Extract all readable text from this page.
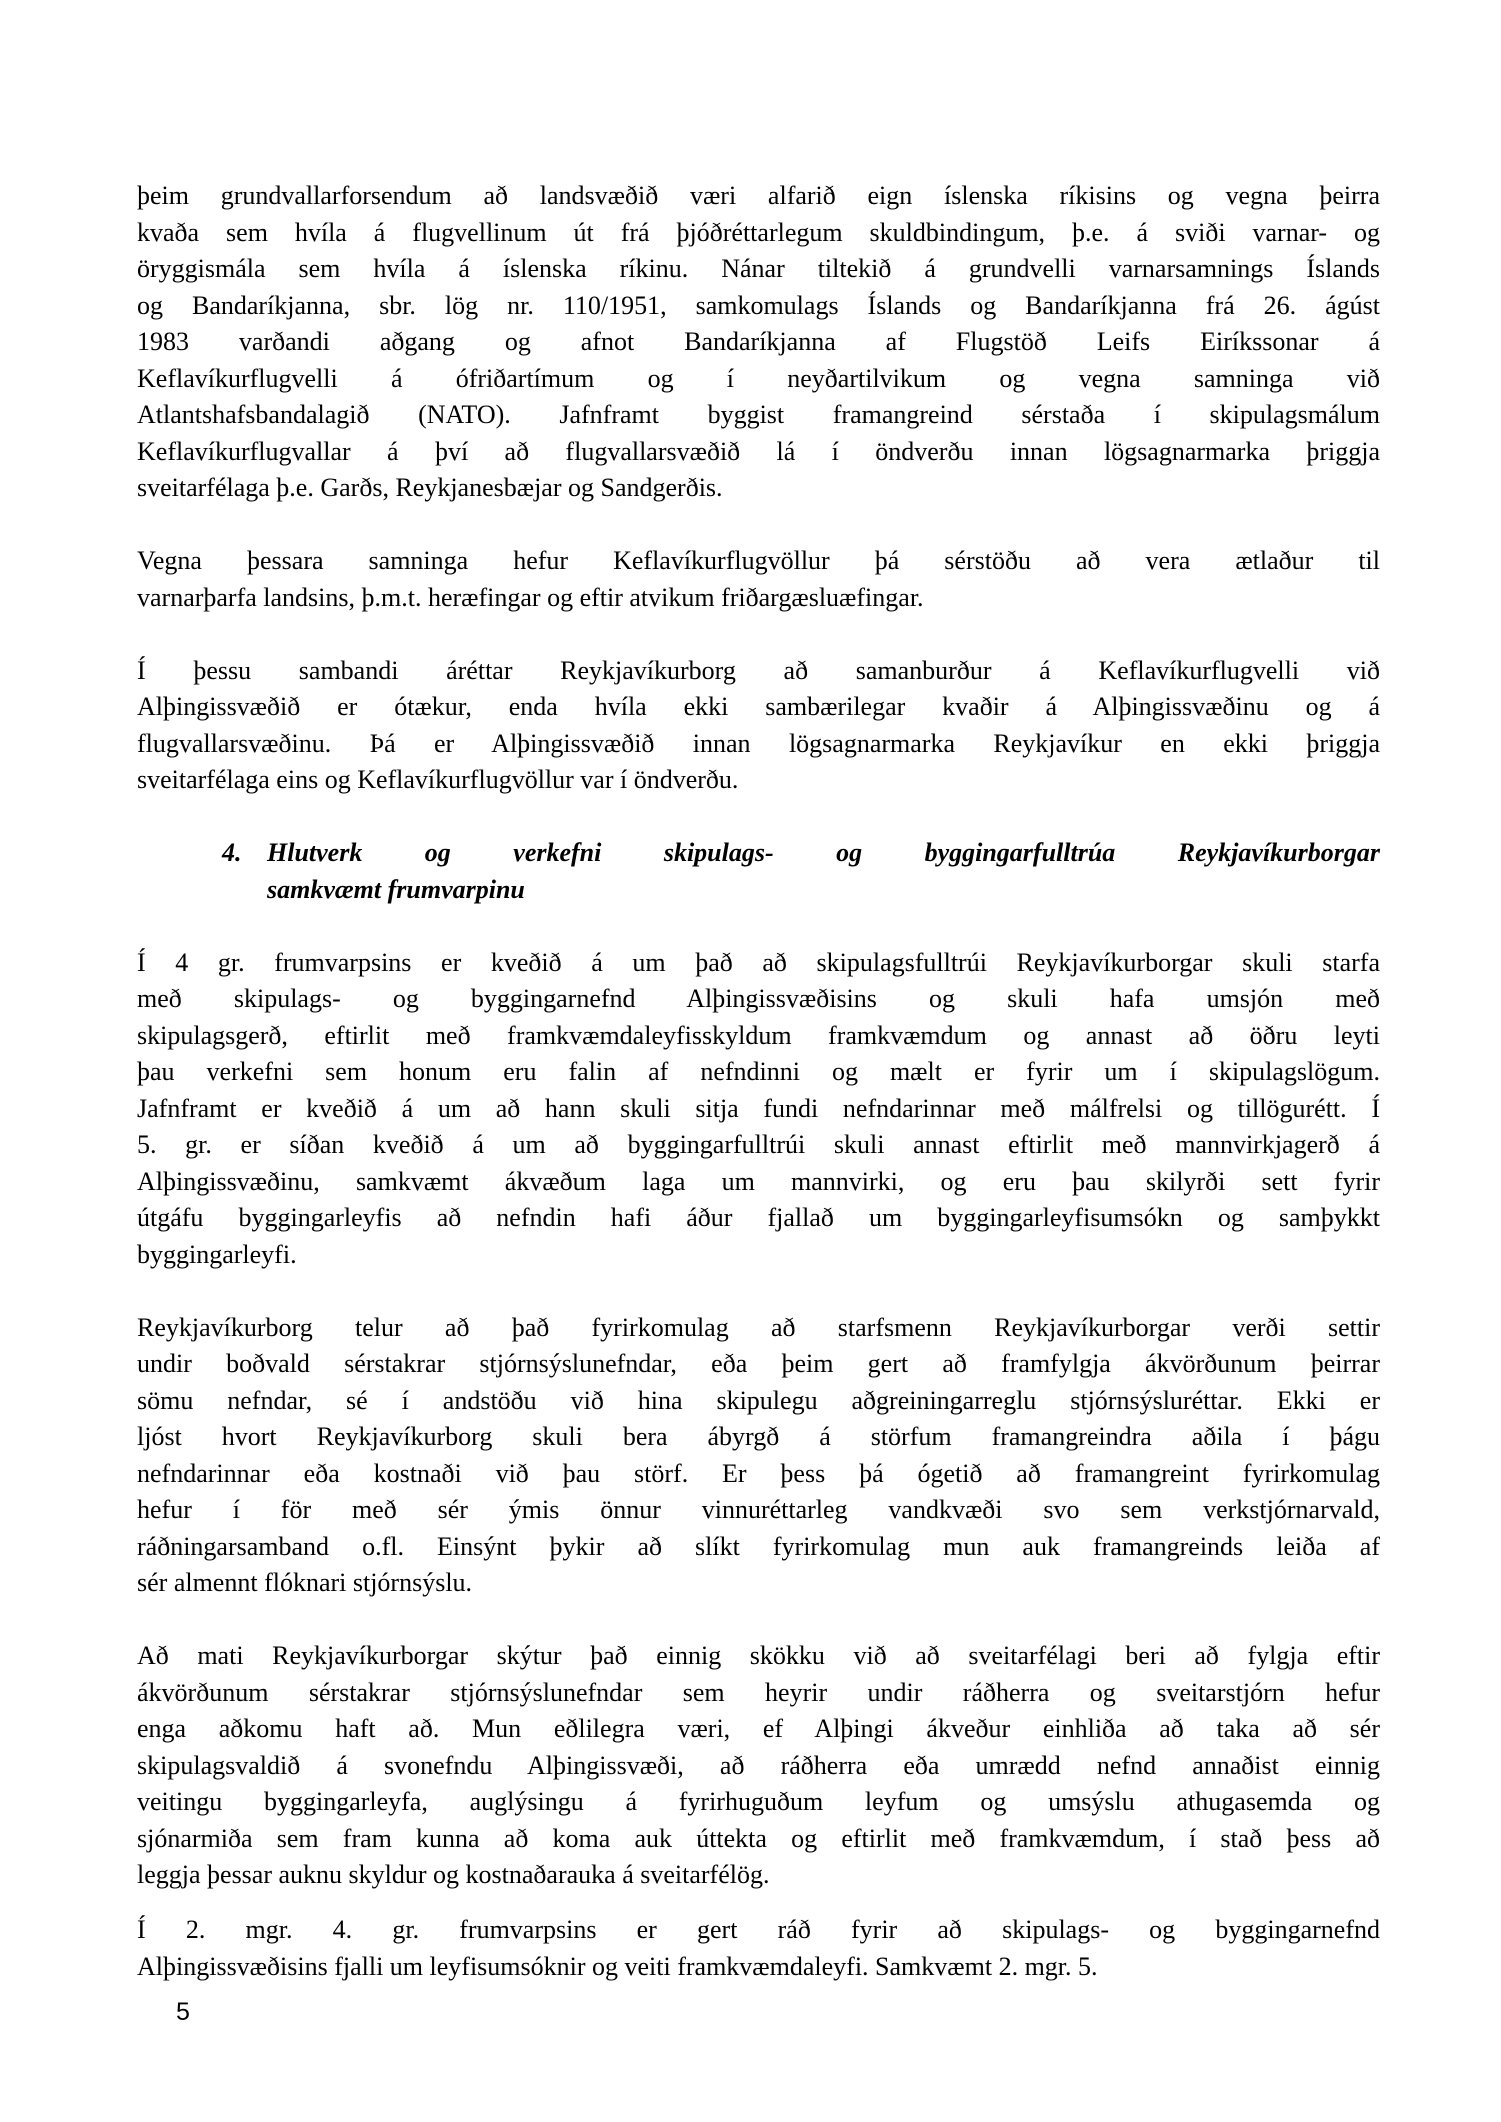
þeim grundvallarforsendum að landsvæðið væri alfarið eign íslenska ríkisins og vegna þeirra
kvaða sem hvíla á flugvellinum út frá þjóðréttarlegum skuldbindingum, þ.e. á sviði varnar- og
öryggismála sem hvíla á íslenska ríkinu. Nánar tiltekið á grundvelli varnarsamnings Íslands
og Bandaríkjanna, sbr. lög nr. 110/1951, samkomulags Íslands og Bandaríkjanna frá 26. ágúst
1983 varðandi aðgang og afnot Bandaríkjanna af Flugstöð Leifs Eiríkssonar á
Keflavíkurflugvelli á ófriðartímum og í neyðartilvikum og vegna samninga við
Atlantshafsbandalagið (NATO). Jafnframt byggist framangreind sérstaða í skipulagsmálum
Keflavíkurflugvallar á því að flugvallarsvæðið lá í öndverðu innan lögsagnarmarka þriggja
sveitarfélaga þ.e. Garðs, Reykjanesbæjar og Sandgerðis.
Vegna þessara samninga hefur Keflavíkurflugvöllur þá sérstöðu að vera ætlaður til
varnarþarfa landsins, þ.m.t. heræfingar og eftir atvikum friðargæsluæfingar.
Í þessu sambandi áréttar Reykjavíkurborg að samanburður á Keflavíkurflugvelli við
Alþingissvæðið er ótækur, enda hvíla ekki sambærilegar kvaðir á Alþingissvæðinu og á
flugvallarsvæðinu. Þá er Alþingissvæðið innan lögsagnarmarka Reykjavíkur en ekki þriggja
sveitarfélaga eins og Keflavíkurflugvöllur var í öndverðu.
4. Hlutverk og verkefni skipulags- og byggingarfulltrúa Reykjavíkurborgar
samkvæmt frumvarpinu
Í 4 gr. frumvarpsins er kveðið á um það að skipulagsfulltrúi Reykjavíkurborgar skuli starfa
með skipulags- og byggingarnefnd Alþingissvæðisins og skuli hafa umsjón með
skipulagsgerð, eftirlit með framkvæmdaleyfisskyldum framkvæmdum og annast að öðru leyti
þau verkefni sem honum eru falin af nefndinni og mælt er fyrir um í skipulagslögum.
Jafnframt er kveðið á um að hann skuli sitja fundi nefndarinnar með málfrelsi og tillögurétt. Í
5. gr. er síðan kveðið á um að byggingarfulltrúi skuli annast eftirlit með mannvirkjagerð á
Alþingissvæðinu, samkvæmt ákvæðum laga um mannvirki, og eru þau skilyrði sett fyrir
útgáfu byggingarleyfis að nefndin hafi áður fjallað um byggingarleyfisumsókn og samþykkt
byggingarleyfi.
Reykjavíkurborg telur að það fyrirkomulag að starfsmenn Reykjavíkurborgar verði settir
undir boðvald sérstakrar stjórnsýslunefndar, eða þeim gert að framfylgja ákvörðunum þeirrar
sömu nefndar, sé í andstöðu við hina skipulegu aðgreiningarreglu stjórnsýsluréttar. Ekki er
ljóst hvort Reykjavíkurborg skuli bera ábyrgð á störfum framangreindra aðila í þágu
nefndarinnar eða kostnaði við þau störf. Er þess þá ógetið að framangreint fyrirkomulag
hefur í för með sér ýmis önnur vinnuréttarleg vandkvæði svo sem verkstjórnarvald,
ráðningarsamband o.fl. Einsýnt þykir að slíkt fyrirkomulag mun auk framangreinds leiða af
sér almennt flóknari stjórnsýslu.
Að mati Reykjavíkurborgar skýtur það einnig skökku við að sveitarfélagi beri að fylgja eftir
ákvörðunum sérstakrar stjórnsýslunefndar sem heyrir undir ráðherra og sveitarstjórn hefur
enga aðkomu haft að. Mun eðlilegra væri, ef Alþingi ákveður einhliða að taka að sér
skipulagsvaldið á svonefndu Alþingissvæði, að ráðherra eða umrædd nefnd annaðist einnig
veitingu byggingarleyfa, auglýsingu á fyrirhuguðum leyfum og umsýslu athugasemda og
sjónarmiða sem fram kunna að koma auk úttekta og eftirlit með framkvæmdum, í stað þess að
leggja þessar auknu skyldur og kostnaðarauka á sveitarfélög.
Í 2. mgr. 4. gr. frumvarpsins er gert ráð fyrir að skipulags- og byggingarnefnd
Alþingissvæðisins fjalli um leyfisumsóknir og veiti framkvæmdaleyfi. Samkvæmt 2. mgr. 5.
5
